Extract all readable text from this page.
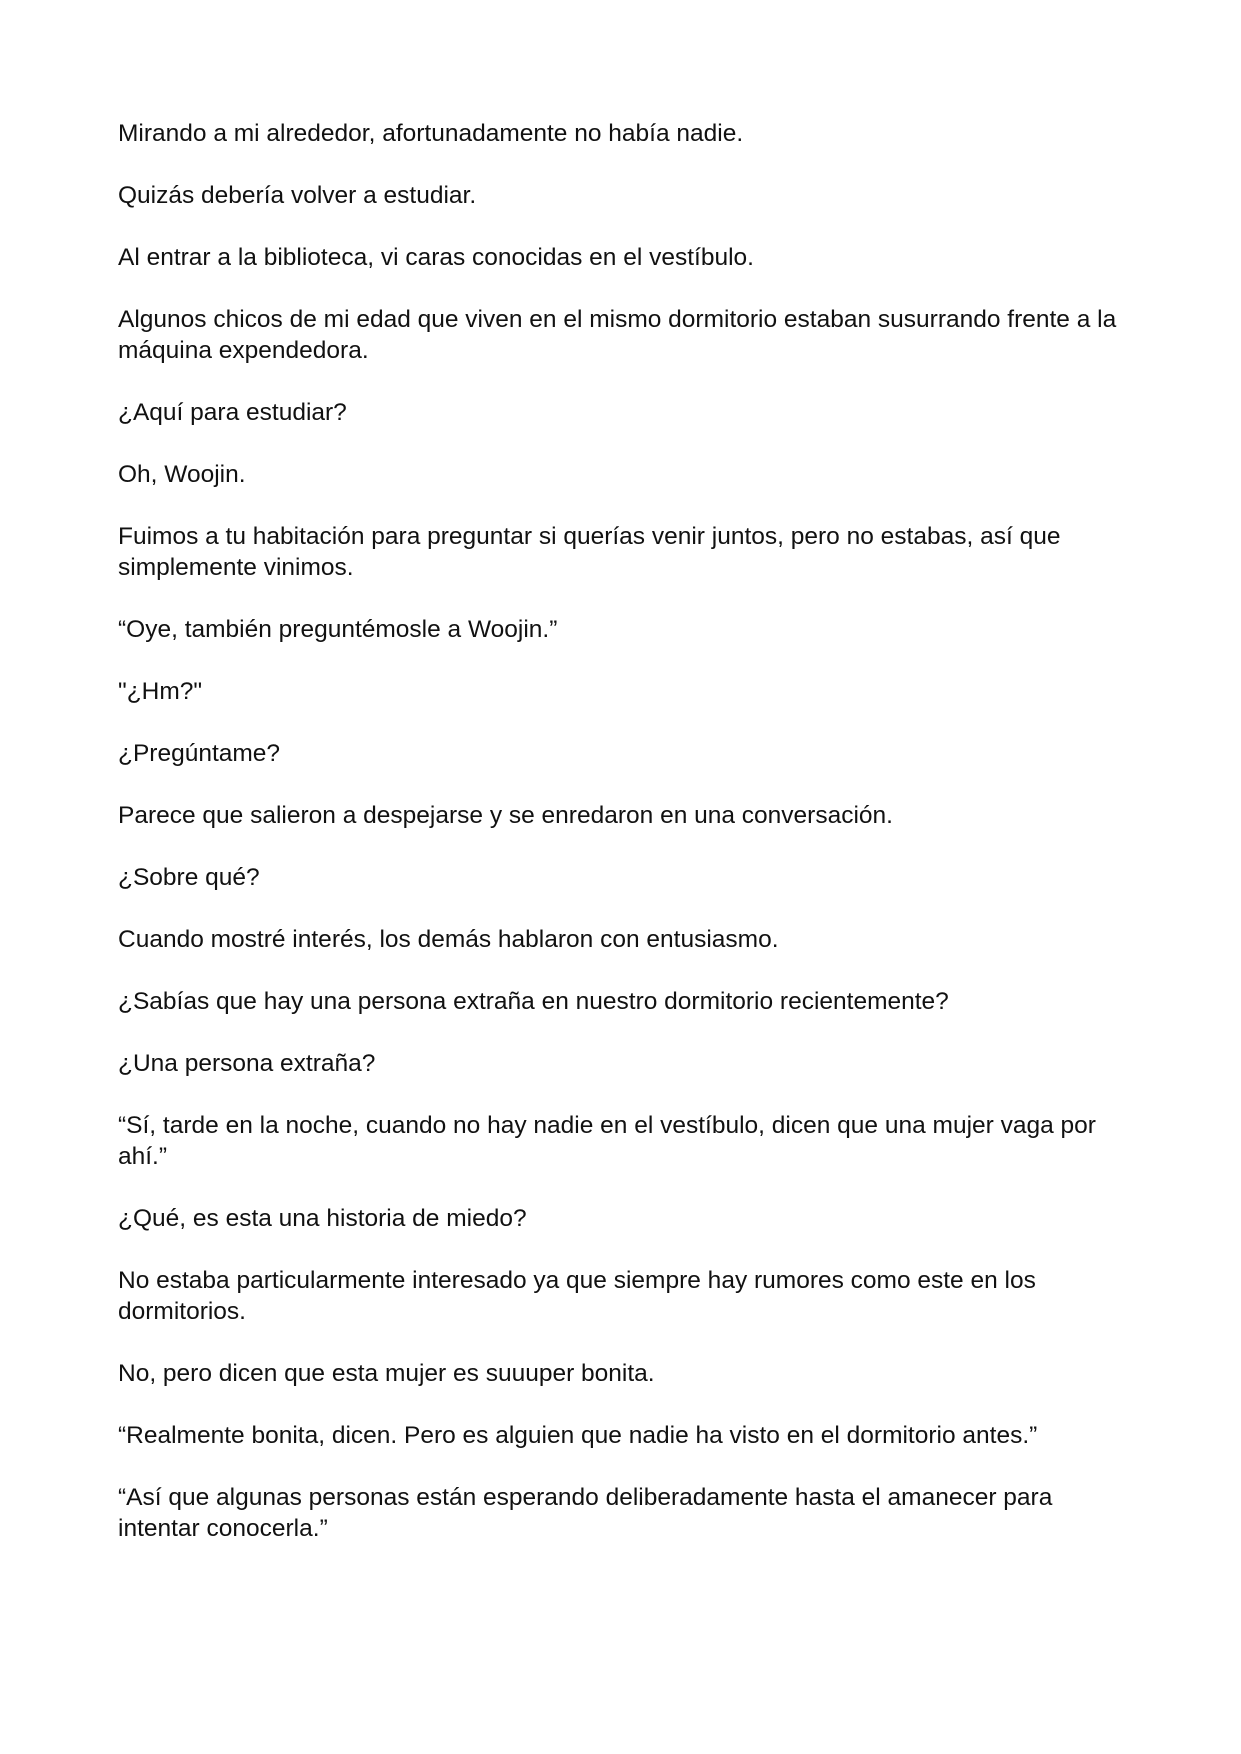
Mirando a mi alrededor, afortunadamente no había nadie.

Quizás debería volver a estudiar.

Al entrar a la biblioteca, vi caras conocidas en el vestíbulo.

Algunos chicos de mi edad que viven en el mismo dormitorio estaban susurrando frente a la máquina expendedora.

¿Aquí para estudiar?

Oh, Woojin.

Fuimos a tu habitación para preguntar si querías venir juntos, pero no estabas, así que simplemente vinimos.

“Oye, también preguntémosle a Woojin.”

"¿Hm?"

¿Pregúntame?

Parece que salieron a despejarse y se enredaron en una conversación.

¿Sobre qué?

Cuando mostré interés, los demás hablaron con entusiasmo.

¿Sabías que hay una persona extraña en nuestro dormitorio recientemente?

¿Una persona extraña?

“Sí, tarde en la noche, cuando no hay nadie en el vestíbulo, dicen que una mujer vaga por ahí.”

¿Qué, es esta una historia de miedo?

No estaba particularmente interesado ya que siempre hay rumores como este en los dormitorios.

No, pero dicen que esta mujer es suuuper bonita.

“Realmente bonita, dicen. Pero es alguien que nadie ha visto en el dormitorio antes.”

“Así que algunas personas están esperando deliberadamente hasta el amanecer para intentar conocerla.”
